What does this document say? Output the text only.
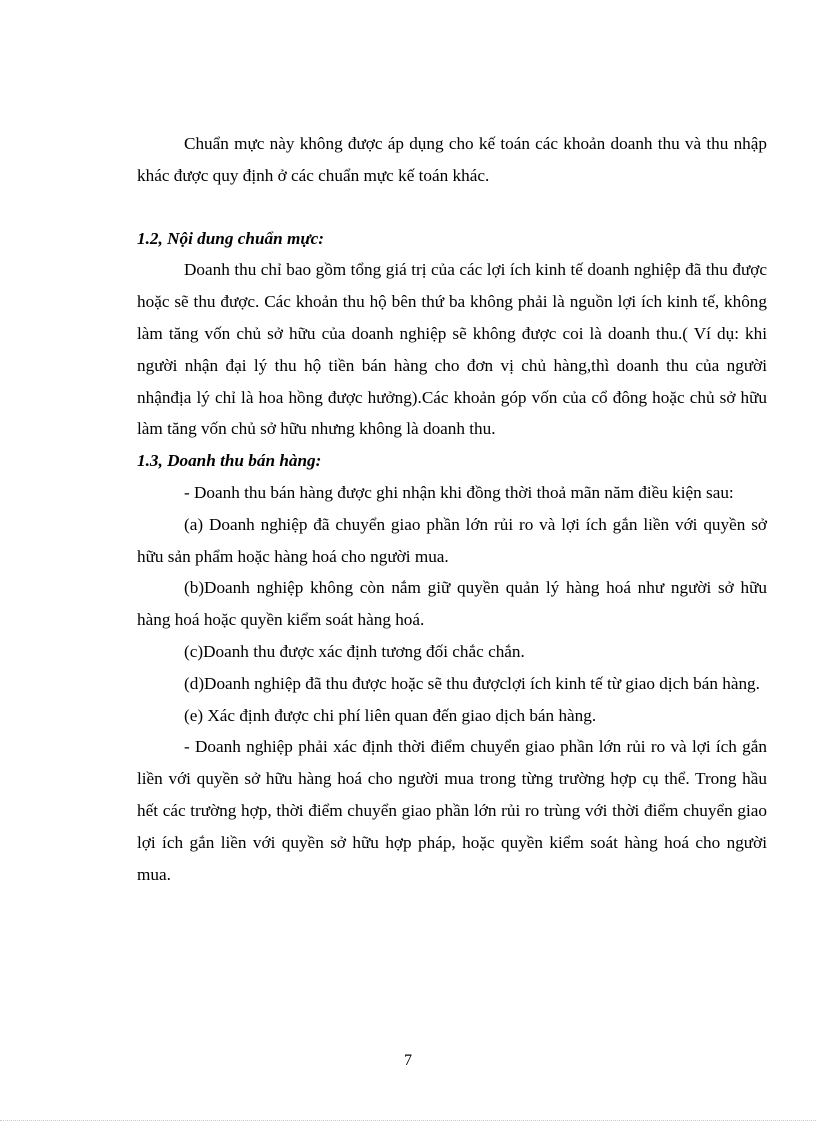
Chuẩn mực này không được áp dụng cho kế toán các khoản doanh thu và thu nhập khác được quy định ở các chuẩn mực kế toán khác.

1.2, Nội dung chuẩn mực:

Doanh thu chỉ bao gồm tổng giá trị của các lợi ích kinh tế doanh nghiệp đã thu được hoặc sẽ thu được. Các khoản thu hộ bên thứ ba không phải là nguồn lợi ích kinh tế, không làm tăng vốn chủ sở hữu của doanh nghiệp sẽ không được coi là doanh thu.( Ví dụ: khi người nhận đại lý thu hộ tiền bán hàng cho đơn vị chủ hàng,thì doanh thu của người nhậnđịa lý chỉ là hoa hồng được hưởng).Các khoản góp vốn của cổ đông hoặc chủ sở hữu làm tăng vốn chủ sở hữu nhưng không là doanh thu.

1.3, Doanh thu bán hàng:

- Doanh thu bán hàng được ghi nhận khi đồng thời thoả mãn năm điều kiện sau:

(a) Doanh nghiệp đã chuyển giao phần lớn rủi ro và lợi ích gắn liền với quyền sở hữu sản phẩm hoặc hàng hoá cho người mua.

(b)Doanh nghiệp không còn nắm giữ quyền quản lý hàng hoá như người sở hữu hàng hoá hoặc quyền kiểm soát hàng hoá.

(c)Doanh thu được xác định tương đối chắc chắn.

(d)Doanh nghiệp đã thu được hoặc sẽ thu đượclợi ích kinh tế từ giao dịch bán hàng.

(e) Xác định được chi phí liên quan đến giao dịch bán hàng.

- Doanh nghiệp phải xác định thời điểm chuyển giao phần lớn rủi ro và lợi ích gắn liền với quyền sở hữu hàng hoá cho người mua trong từng trường hợp cụ thể. Trong hầu hết các trường hợp, thời điểm chuyển giao phần lớn rủi ro trùng với thời điểm chuyển giao lợi ích gắn liền với quyền sở hữu hợp pháp, hoặc quyền kiểm soát hàng hoá cho người mua.

7
